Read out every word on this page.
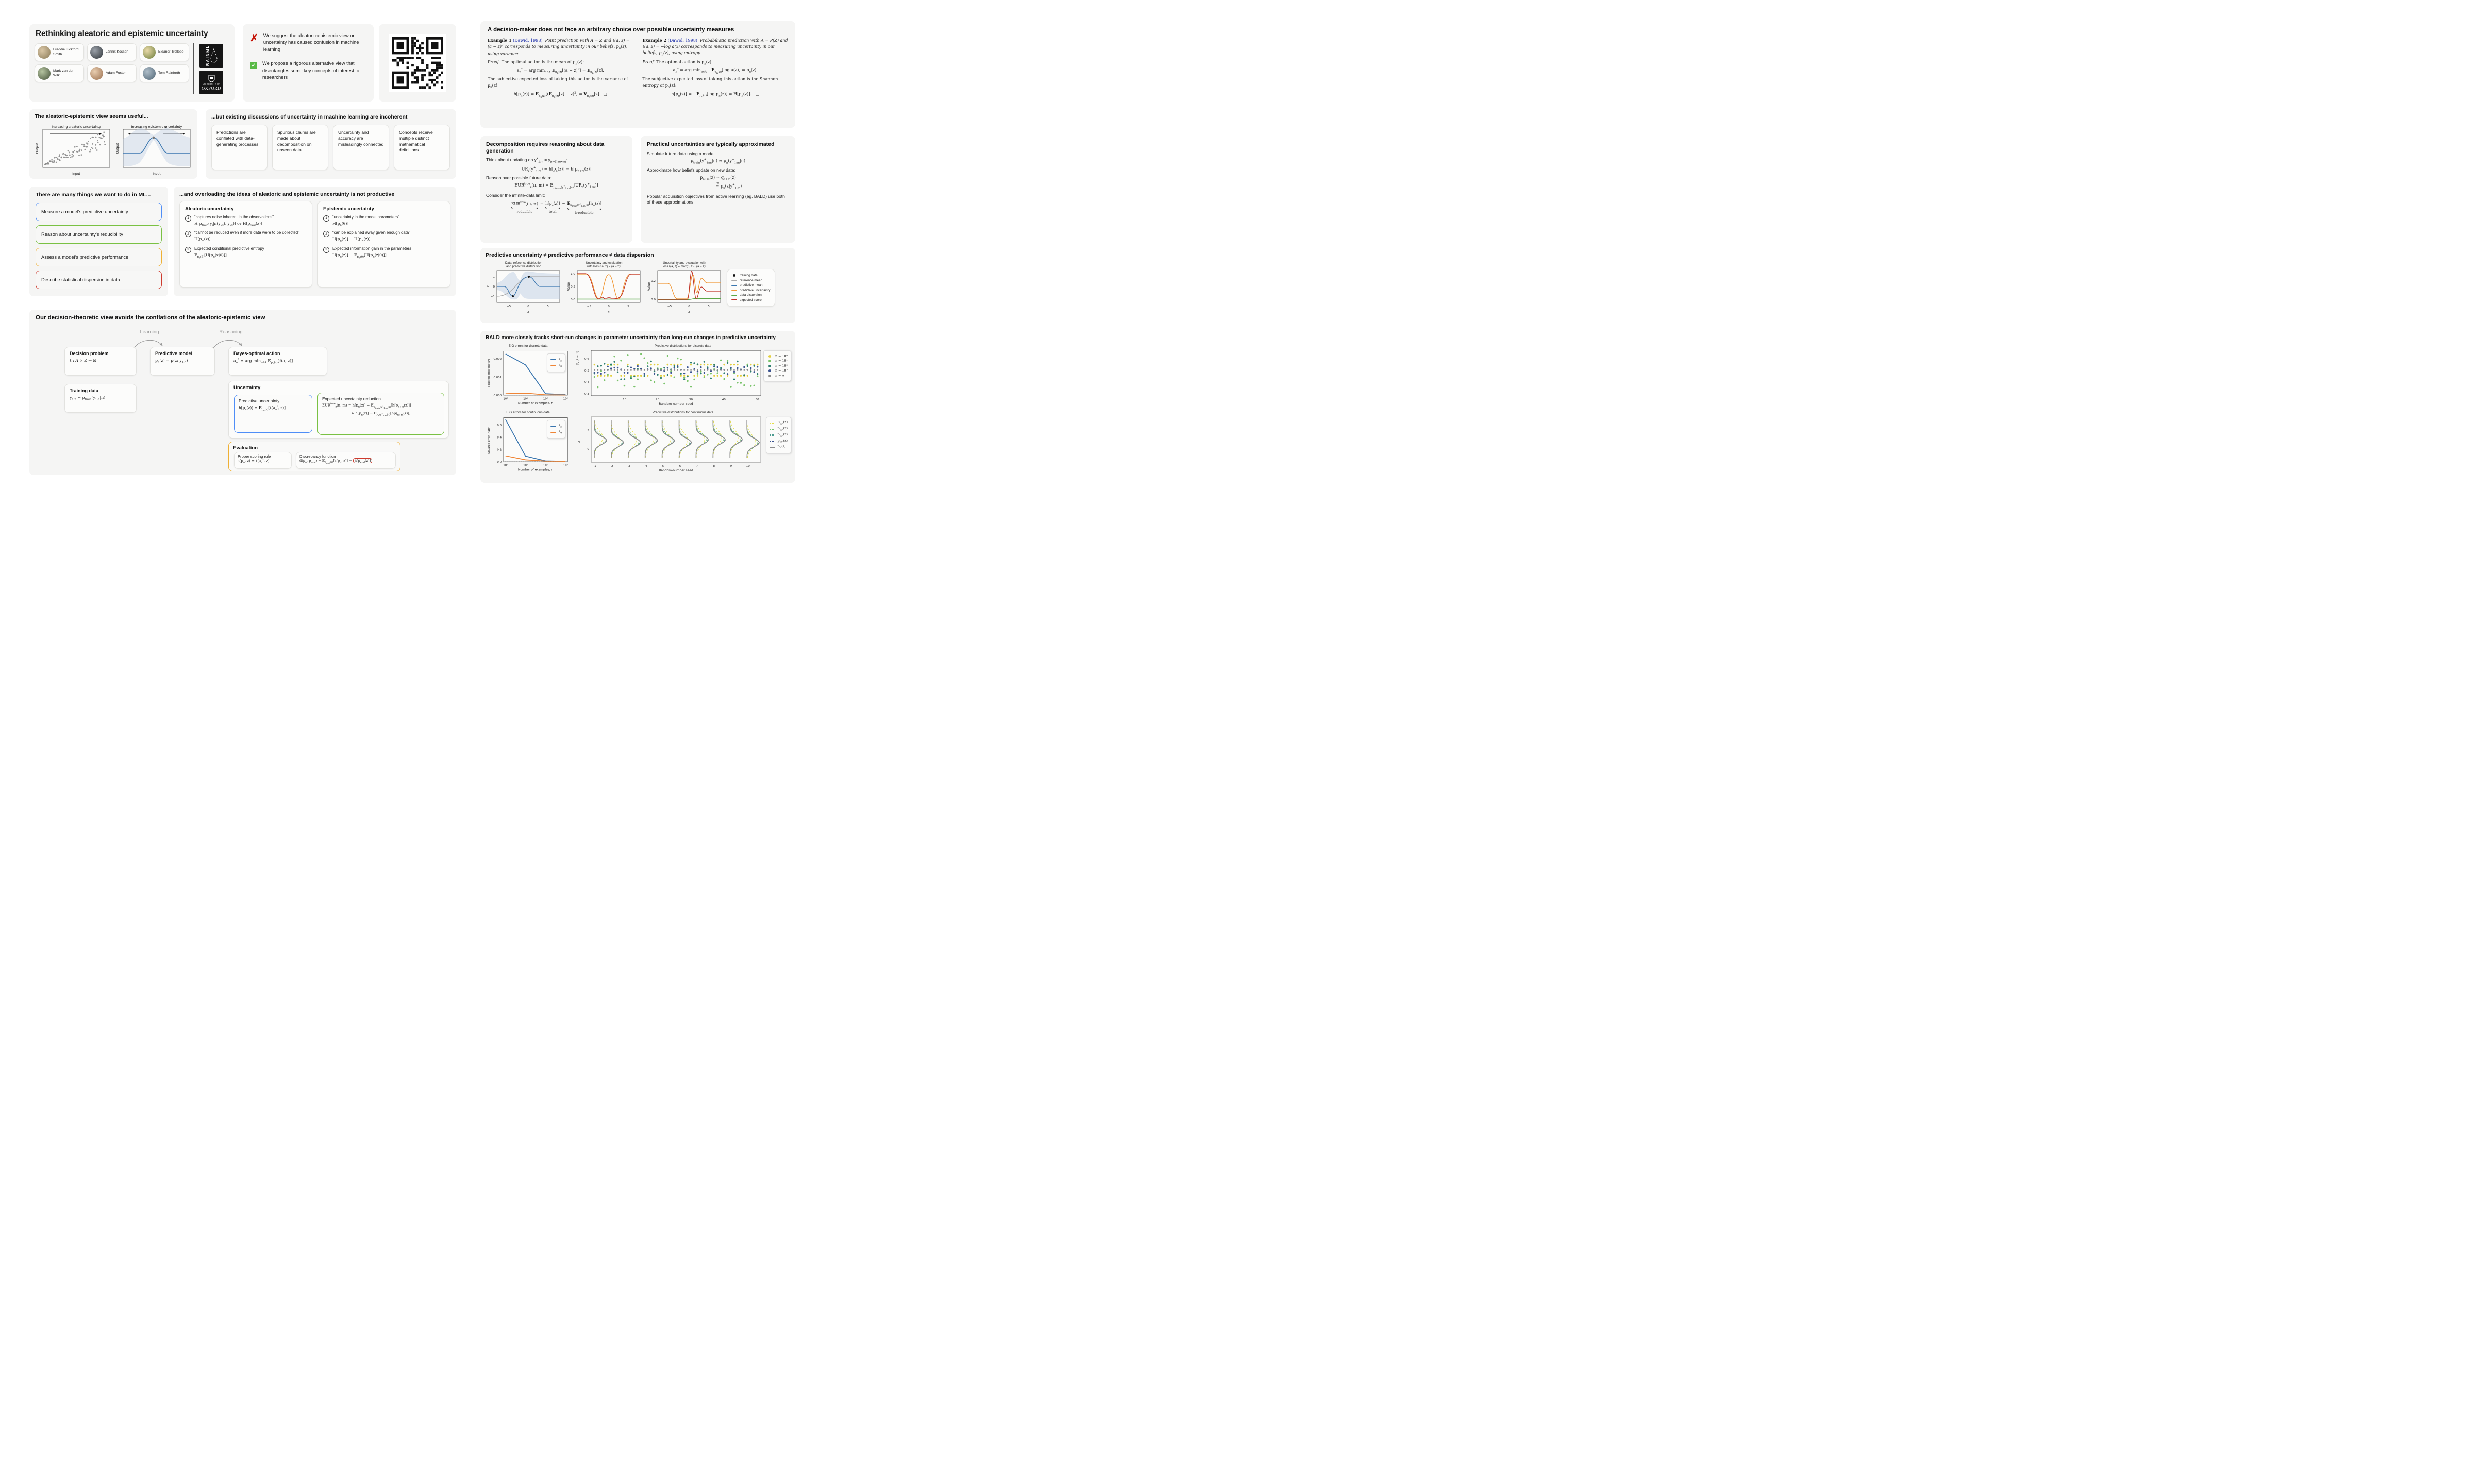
Rethinking aleatoric and epistemic uncertainty
Freddie Bickford Smith
Jannik Kossen	Eleanor Trollope
Mark van der Wilk
Adam Foster	Tom Rainforth
RAINML
UNIVERSITY OF
OXFORD
✗ We suggest the aleatoric-epistemic view on uncertainty has caused confusion in machine learning
✓	We propose a rigorous alternative view that disentangles some key concepts of interest to researchers
A decision-maker does not face an arbitrary choice over possible uncertainty measures
Example 1 (Dawid, 1998) Point prediction with A = Z and ℓ(a, $z) = (a - z)^2$ corresponds to measuring uncertainty in our beliefs, $p_n(z)$, using variance.
Proof  The optimal action is the mean of $p_n(z)$:
$a_n^*$ = arg $\min_{a\in A} E_{p_n(z)}[(a - z)^2] = E_{p_n(z)}[z]$.
The subjective expected loss of taking this action is the variance of $p_n(z)$:
$h[p_n(z)] = E_{p_n(z)}[(E_{p_n(z)}[z] - z)^2] = V_{p_n(z)}[z]$.  □
Example 2 (Dawid, 1998) Probabilistic prediction with A = P(Z) and ℓ(a, z) = −log a(z) corresponds to measuring uncertainty in our beliefs, $p_n(z)$, using entropy.
Proof  The optimal action is $p_n(z)$:
$a_n^*$ = arg $\min_{a\in A} -E_{p_n(z)}[\log$ $a(z)] = p_n(z)$.
The subjective expected loss of taking this action is the Shannon entropy of $p_n(z)$:
$h[p_n(z)] = -E_{p_n(z)}[\log$ $p_n(z)] = H[p_n(z)]$.   □
The aleatoric-epistemic view seems useful...
Increasing aleatoric uncertainty
Input
Output
Increasing epistemic uncertainty
Input
Output
...but existing discussions of uncertainty in machine learning are incoherent
Predictions are conflated with data-generating processes
Spurious claims are made about decomposition on unseen data
Uncertainty and accuracy are misleadingly connected
Concepts receive multiple distinct mathematical definitions
There are many things we want to do in ML...
Measure a model's predictive uncertainty
Reason about uncertainty's reducibility
Assess a model's predictive performance
Describe statistical dispersion in data
...and overloading the ideas of aleatoric and epistemic uncertainty is not productive
Aleatoric uncertainty
1	“captures noise inherent in the observations”
$H[p_{train}(y_i|\pi(y_{<i})$, $y_{<i}$)] or $H[p_{eval}(z)]$
2	“cannot be reduced even if more data were to be collected”
$H[p_\infty(z)]$
3	Expected conditional predictive entropy
$E_{p_n(\theta)}[H[p_n(z|\theta)]]$
Epistemic uncertainty
1	“uncertainty in the model parameters”
$H[p_n(\theta)]$
2	“can be explained away given enough data”
$H[p_n(z)] - H[p_\infty(z)]$
3	Expected information gain in the parameters
$H[p_n(z)] - E_{p_n(\theta)}[H[p_n(z|\theta)]]$
Our decision-theoretic view avoids the conflations of the aleatoric-epistemic view
Learning	Reasoning
Decision problem
ℓ : A × Z → ℝ
Predictive model
$p_n(z) = p(z$; $y_{1:n}$)
Bayes-optimal action
$a_n^*$ = arg $\min_{a\in A}$ $E_{p_n(z)}[\ell(a$, z)]
Training data
$y_{1:n}$ ∼ $p_{train}(y_{1:n}|\pi)$
Uncertainty
Predictive uncertainty
$h[p_n(z)]$ = $E_{p_n(z)}[\ell(a_n^*$, z)]
Expected uncertainty reduction
$EUR^{true}_z(\pi$, $m) = h[p_n(z)] - E_{p_{train}(y^+_{1:m}|\pi)}[h[p_{n+m}(z)]]$
≈ $h[p_n(z)] - E_{p_n(y^+_{1:m}|\pi)}[h[q_{n+m}(z)]]$
Evaluation
Proper scoring rule
$s(p_n$, $z) = \ell(a_n^*$, z)
Discrepancy function
$d(p_n$, $p_{eval}) = E_{p_{eval}(z)}[s(p_n$, $z)] - h[p_{eval}(z)]$
Decomposition requires reasoning about data generation
Think about updating on $y^+_{1:m} = y_{(n+1):(n+m)}$:
$UR_z(y^+_{1:m}) = h[p_n(z)] - h[p_{n+m}(z)]$
Reason over possible future data:
$EUR^{true}_z(\pi$, $m) = E_{p_{train}(y^+_{1:m}|\pi)}[UR_z(y^+_{1:m})]$
Consider the infinite-data limit:
$EUR^{true}_z(\pi$, ∞)
reducible
= $h[p_n(z)]$
total
− $E_{p_{train}(y^+_{1:m}|\pi)}[h_\infty(z)]$
irreducible
Practical uncertainties are typically approximated
Simulate future data using a model:
$p_{train}(y^+_{1:m}|\pi) \approx p_n(y^+_{1:m}|\pi)$
Approximate how beliefs update on new data:
$p_{n+m}(z) \approx q_{n+m}(z)$
eg
= $p_n(z|y^+_{1:m})$
Popular acquisition objectives from active learning (eg, BALD) use both of these approximations
Predictive uncertainty ≠ predictive performance ≠ data dispersion
Data, reference distribution
and predictive distribution
1
0
−1
−5	0	5
x
z
Uncertainty and evaluation
with loss ℓ(a, z) = (a − z)²
1.0
0.5
0.0
−5	0	5
x
Value
Uncertainty and evaluation with
loss ℓ(a, z) = max(0, z) · (a − z)²
0.2
0.0
−5	0	5
x
Value
training data
reference mean
predictive mean
predictive uncertainty
data dispersion
expected score
BALD more closely tracks short-run changes in parameter uncertainty than long-run changes in predictive uncertainty
EIG errors for discrete data
0.002
0.001
0.000
10⁰	10¹	10²	10³
Number of examples, n
Squared error (nats²)	$\varepsilon_z$
$\varepsilon_\theta$
Predictive distributions for discrete data
0.6
0.5
0.4
0.3
10	20	30	40	50
Random-number seed
$p_n(z = 1)$	n = 10⁰
n = 10¹
n = 10²
n = 10³
n = ∞
EIG errors for continuous data
0.6
0.4
0.2
0.0
10⁰	10¹	10²	10³
Number of examples, n
Squared error (nats²)	$\varepsilon_z$
$\varepsilon_\theta$
Predictive distributions for continuous data
5
0
1	2	3	4	5	6	7	8	9	10
Random-number seed
z
$p_{10^0}(z)$
$p_{10^1}(z)$
$p_{10^2}(z)$
$p_{10^3}(z)$
$p_\infty(z)$
